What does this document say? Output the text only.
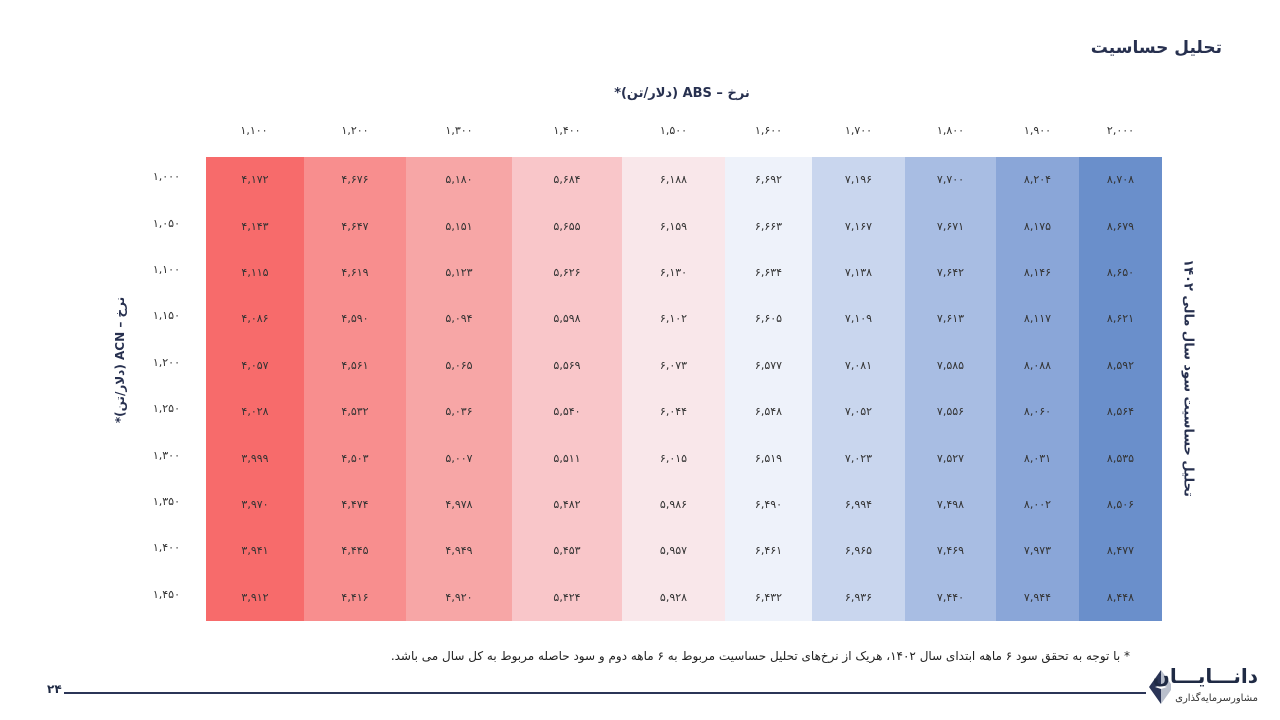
تحلیل حساسیت
نرخ – ABS (دلار/تن)*
نرخ – ACN (دلار/تن)*
تحلیل حساسیت سود سال مالی ۱۴۰۲
۱,۱۰۰	۱,۲۰۰	۱,۳۰۰	۱,۴۰۰	۱,۵۰۰	۱,۶۰۰	۱,۷۰۰	۱,۸۰۰	۱,۹۰۰	۲,۰۰۰
۱,۰۰۰	۴,۱۷۲	۴,۶۷۶	۵,۱۸۰	۵,۶۸۴	۶,۱۸۸	۶,۶۹۲	۷,۱۹۶	۷,۷۰۰	۸,۲۰۴	۸,۷۰۸
۱,۰۵۰	۴,۱۴۳	۴,۶۴۷	۵,۱۵۱	۵,۶۵۵	۶,۱۵۹	۶,۶۶۳	۷,۱۶۷	۷,۶۷۱	۸,۱۷۵	۸,۶۷۹
۱,۱۰۰	۴,۱۱۵	۴,۶۱۹	۵,۱۲۳	۵,۶۲۶	۶,۱۳۰	۶,۶۳۴	۷,۱۳۸	۷,۶۴۲	۸,۱۴۶	۸,۶۵۰
۱,۱۵۰	۴,۰۸۶	۴,۵۹۰	۵,۰۹۴	۵,۵۹۸	۶,۱۰۲	۶,۶۰۵	۷,۱۰۹	۷,۶۱۳	۸,۱۱۷	۸,۶۲۱
۱,۲۰۰	۴,۰۵۷	۴,۵۶۱	۵,۰۶۵	۵,۵۶۹	۶,۰۷۳	۶,۵۷۷	۷,۰۸۱	۷,۵۸۵	۸,۰۸۸	۸,۵۹۲
۱,۲۵۰	۴,۰۲۸	۴,۵۳۲	۵,۰۳۶	۵,۵۴۰	۶,۰۴۴	۶,۵۴۸	۷,۰۵۲	۷,۵۵۶	۸,۰۶۰	۸,۵۶۴
۱,۳۰۰	۳,۹۹۹	۴,۵۰۳	۵,۰۰۷	۵,۵۱۱	۶,۰۱۵	۶,۵۱۹	۷,۰۲۳	۷,۵۲۷	۸,۰۳۱	۸,۵۳۵
۱,۳۵۰	۳,۹۷۰	۴,۴۷۴	۴,۹۷۸	۵,۴۸۲	۵,۹۸۶	۶,۴۹۰	۶,۹۹۴	۷,۴۹۸	۸,۰۰۲	۸,۵۰۶
۱,۴۰۰	۳,۹۴۱	۴,۴۴۵	۴,۹۴۹	۵,۴۵۳	۵,۹۵۷	۶,۴۶۱	۶,۹۶۵	۷,۴۶۹	۷,۹۷۳	۸,۴۷۷
۱,۴۵۰	۳,۹۱۲	۴,۴۱۶	۴,۹۲۰	۵,۴۲۴	۵,۹۲۸	۶,۴۳۲	۶,۹۳۶	۷,۴۴۰	۷,۹۴۴	۸,۴۴۸
* با توجه به تحقق سود ۶ ماهه ابتدای سال ۱۴۰۲، هریک از نرخ‌های تحلیل حساسیت مربوط به ۶ ماهه دوم و سود حاصله مربوط به کل سال می باشد.
۲۴
دانـــایـــان
مشاورسرمایه‌گذاری
